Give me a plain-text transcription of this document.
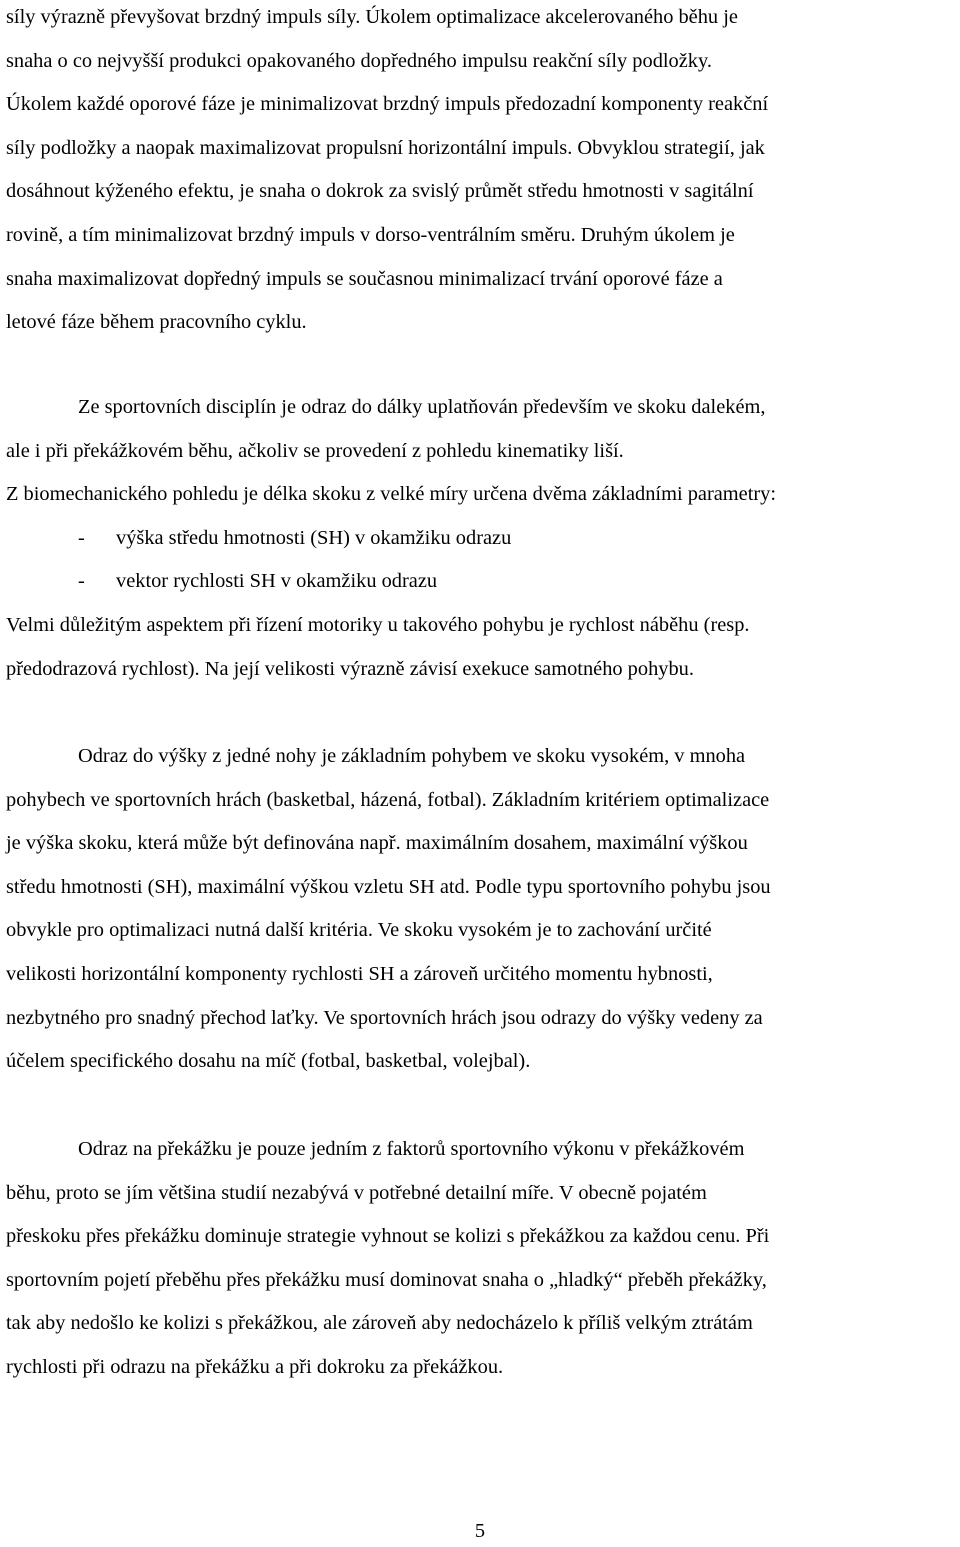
síly výrazně převyšovat brzdný impuls síly. Úkolem optimalizace akcelerovaného běhu je
snaha o co nejvyšší produkci opakovaného dopředného impulsu reakční síly podložky.
Úkolem každé oporové fáze je minimalizovat brzdný impuls předozadní komponenty reakční
síly podložky a naopak maximalizovat propulsní horizontální impuls. Obvyklou strategií, jak
dosáhnout kýženého efektu, je snaha o dokrok za svislý průmět středu hmotnosti v sagitální
rovině, a tím minimalizovat brzdný impuls v dorso-ventrálním směru. Druhým úkolem je
snaha maximalizovat dopředný impuls se současnou minimalizací trvání oporové fáze a
letové fáze během pracovního cyklu.
Ze sportovních disciplín je odraz do dálky uplatňován především ve skoku dalekém,
ale i při překážkovém běhu, ačkoliv se provedení z pohledu kinematiky liší.
Z biomechanického pohledu je délka skoku z velké míry určena dvěma základními parametry:
- výška středu hmotnosti (SH) v okamžiku odrazu
- vektor rychlosti SH v okamžiku odrazu
Velmi důležitým aspektem při řízení motoriky u takového pohybu je rychlost náběhu (resp.
předodrazová rychlost). Na její velikosti výrazně závisí exekuce samotného pohybu.
Odraz do výšky z jedné nohy je základním pohybem ve skoku vysokém, v mnoha
pohybech ve sportovních hrách (basketbal, házená, fotbal). Základním kritériem optimalizace
je výška skoku, která může být definována např. maximálním dosahem, maximální výškou
středu hmotnosti (SH), maximální výškou vzletu SH atd. Podle typu sportovního pohybu jsou
obvykle pro optimalizaci nutná další kritéria. Ve skoku vysokém je to zachování určité
velikosti horizontální komponenty rychlosti SH a zároveň určitého momentu hybnosti,
nezbytného pro snadný přechod laťky. Ve sportovních hrách jsou odrazy do výšky vedeny za
účelem specifického dosahu na míč (fotbal, basketbal, volejbal).
Odraz na překážku je pouze jedním z faktorů sportovního výkonu v překážkovém
běhu, proto se jím většina studií nezabývá v potřebné detailní míře. V obecně pojatém
přeskoku přes překážku dominuje strategie vyhnout se kolizi s překážkou za každou cenu. Při
sportovním pojetí přeběhu přes překážku musí dominovat snaha o „hladký“ přeběh překážky,
tak aby nedošlo ke kolizi s překážkou, ale zároveň aby nedocházelo k příliš velkým ztrátám
rychlosti při odrazu na překážku a při dokroku za překážkou.
5
